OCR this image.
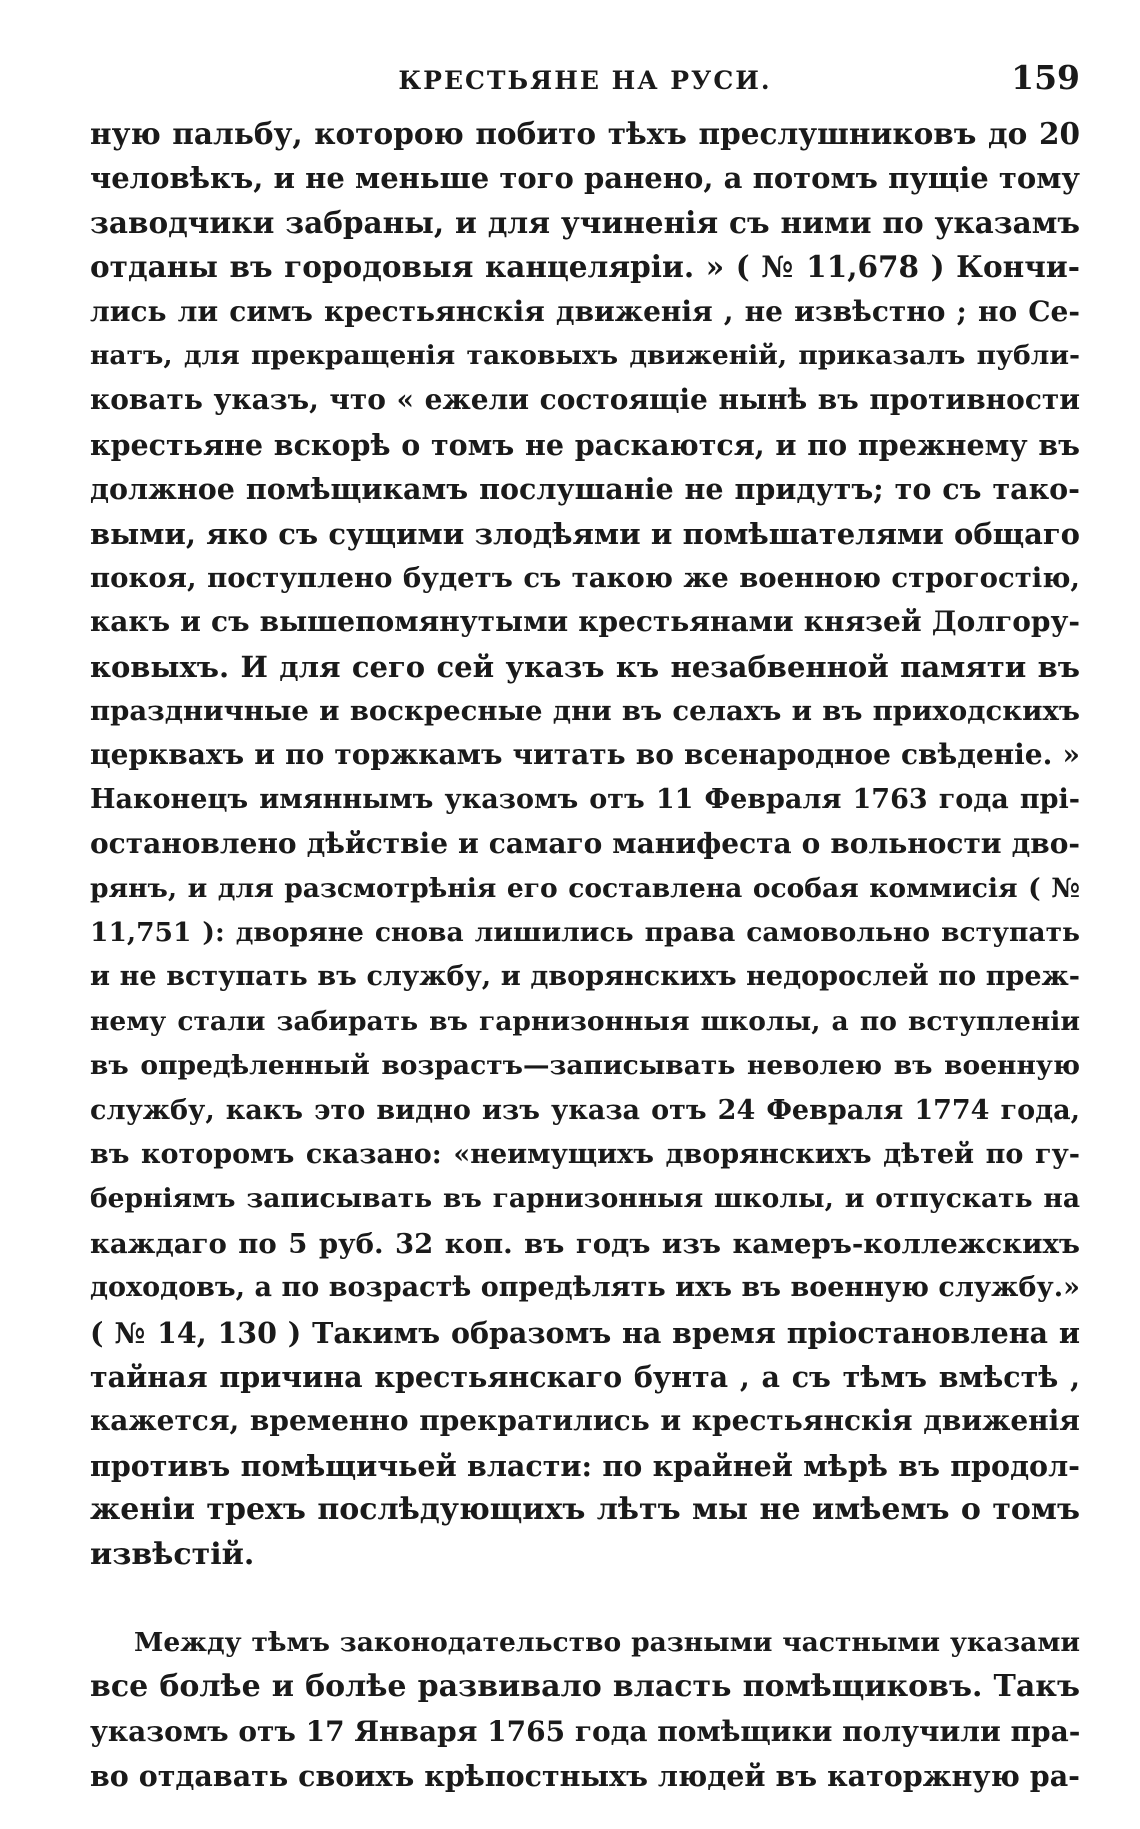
КРЕСТЬЯНЕ НА РУСИ.	159
ную пальбу, которою побито тѣхъ преслушниковъ до 20
человѣкъ, и не меньше того ранено, а потомъ пущіе тому
заводчики забраны, и для учиненія съ ними по указамъ
отданы въ городовыя канцеляріи. » ( № 11,678 ) Кончи-
лись ли симъ крестьянскія движенія , не извѣстно ; но Се-
натъ, для прекращенія таковыхъ движеній, приказалъ публи-
ковать указъ, что « ежели состоящіе нынѣ въ противности
крестьяне вскорѣ о томъ не раскаются, и по прежнему въ
должное помѣщикамъ послушаніе не придутъ; то съ тако-
выми, яко съ сущими злодѣями и помѣшателями общаго
покоя, поступлено будетъ съ такою же военною строгостію,
какъ и съ вышепомянутыми крестьянами князей Долгору-
ковыхъ. И для сего сей указъ къ незабвенной памяти въ
праздничные и воскресные дни въ селахъ и въ приходскихъ
церквахъ и по торжкамъ читать во всенародное свѣденіе. »
Наконецъ имяннымъ указомъ отъ 11 Февраля 1763 года прі-
остановлено дѣйствіе и самаго манифеста о вольности дво-
рянъ, и для разсмотрѣнія его составлена особая коммисія ( №
11,751 ): дворяне снова лишились права самовольно вступать
и не вступать въ службу, и дворянскихъ недорослей по преж-
нему стали забирать въ гарнизонныя школы, а по вступленіи
въ опредѣленный возрастъ—записывать неволею въ военную
службу, какъ это видно изъ указа отъ 24 Февраля 1774 года,
въ которомъ сказано: «неимущихъ дворянскихъ дѣтей по гу-
берніямъ записывать въ гарнизонныя школы, и отпускать на
каждаго по 5 руб. 32 коп. въ годъ изъ камеръ-коллежскихъ
доходовъ, а по возрастѣ опредѣлять ихъ въ военную службу.»
( № 14, 130 ) Такимъ образомъ на время пріостановлена и
тайная причина крестьянскаго бунта , а съ тѣмъ вмѣстѣ ,
кажется, временно прекратились и крестьянскія движенія
противъ помѣщичьей власти: по крайней мѣрѣ въ продол-
женіи трехъ послѣдующихъ лѣтъ мы не имѣемъ о томъ
извѣстій.
Между тѣмъ законодательство разными частными указами
все болѣе и болѣе развивало власть помѣщиковъ. Такъ
указомъ отъ 17 Января 1765 года помѣщики получили пра-
во отдавать своихъ крѣпостныхъ людей въ каторжную ра-
